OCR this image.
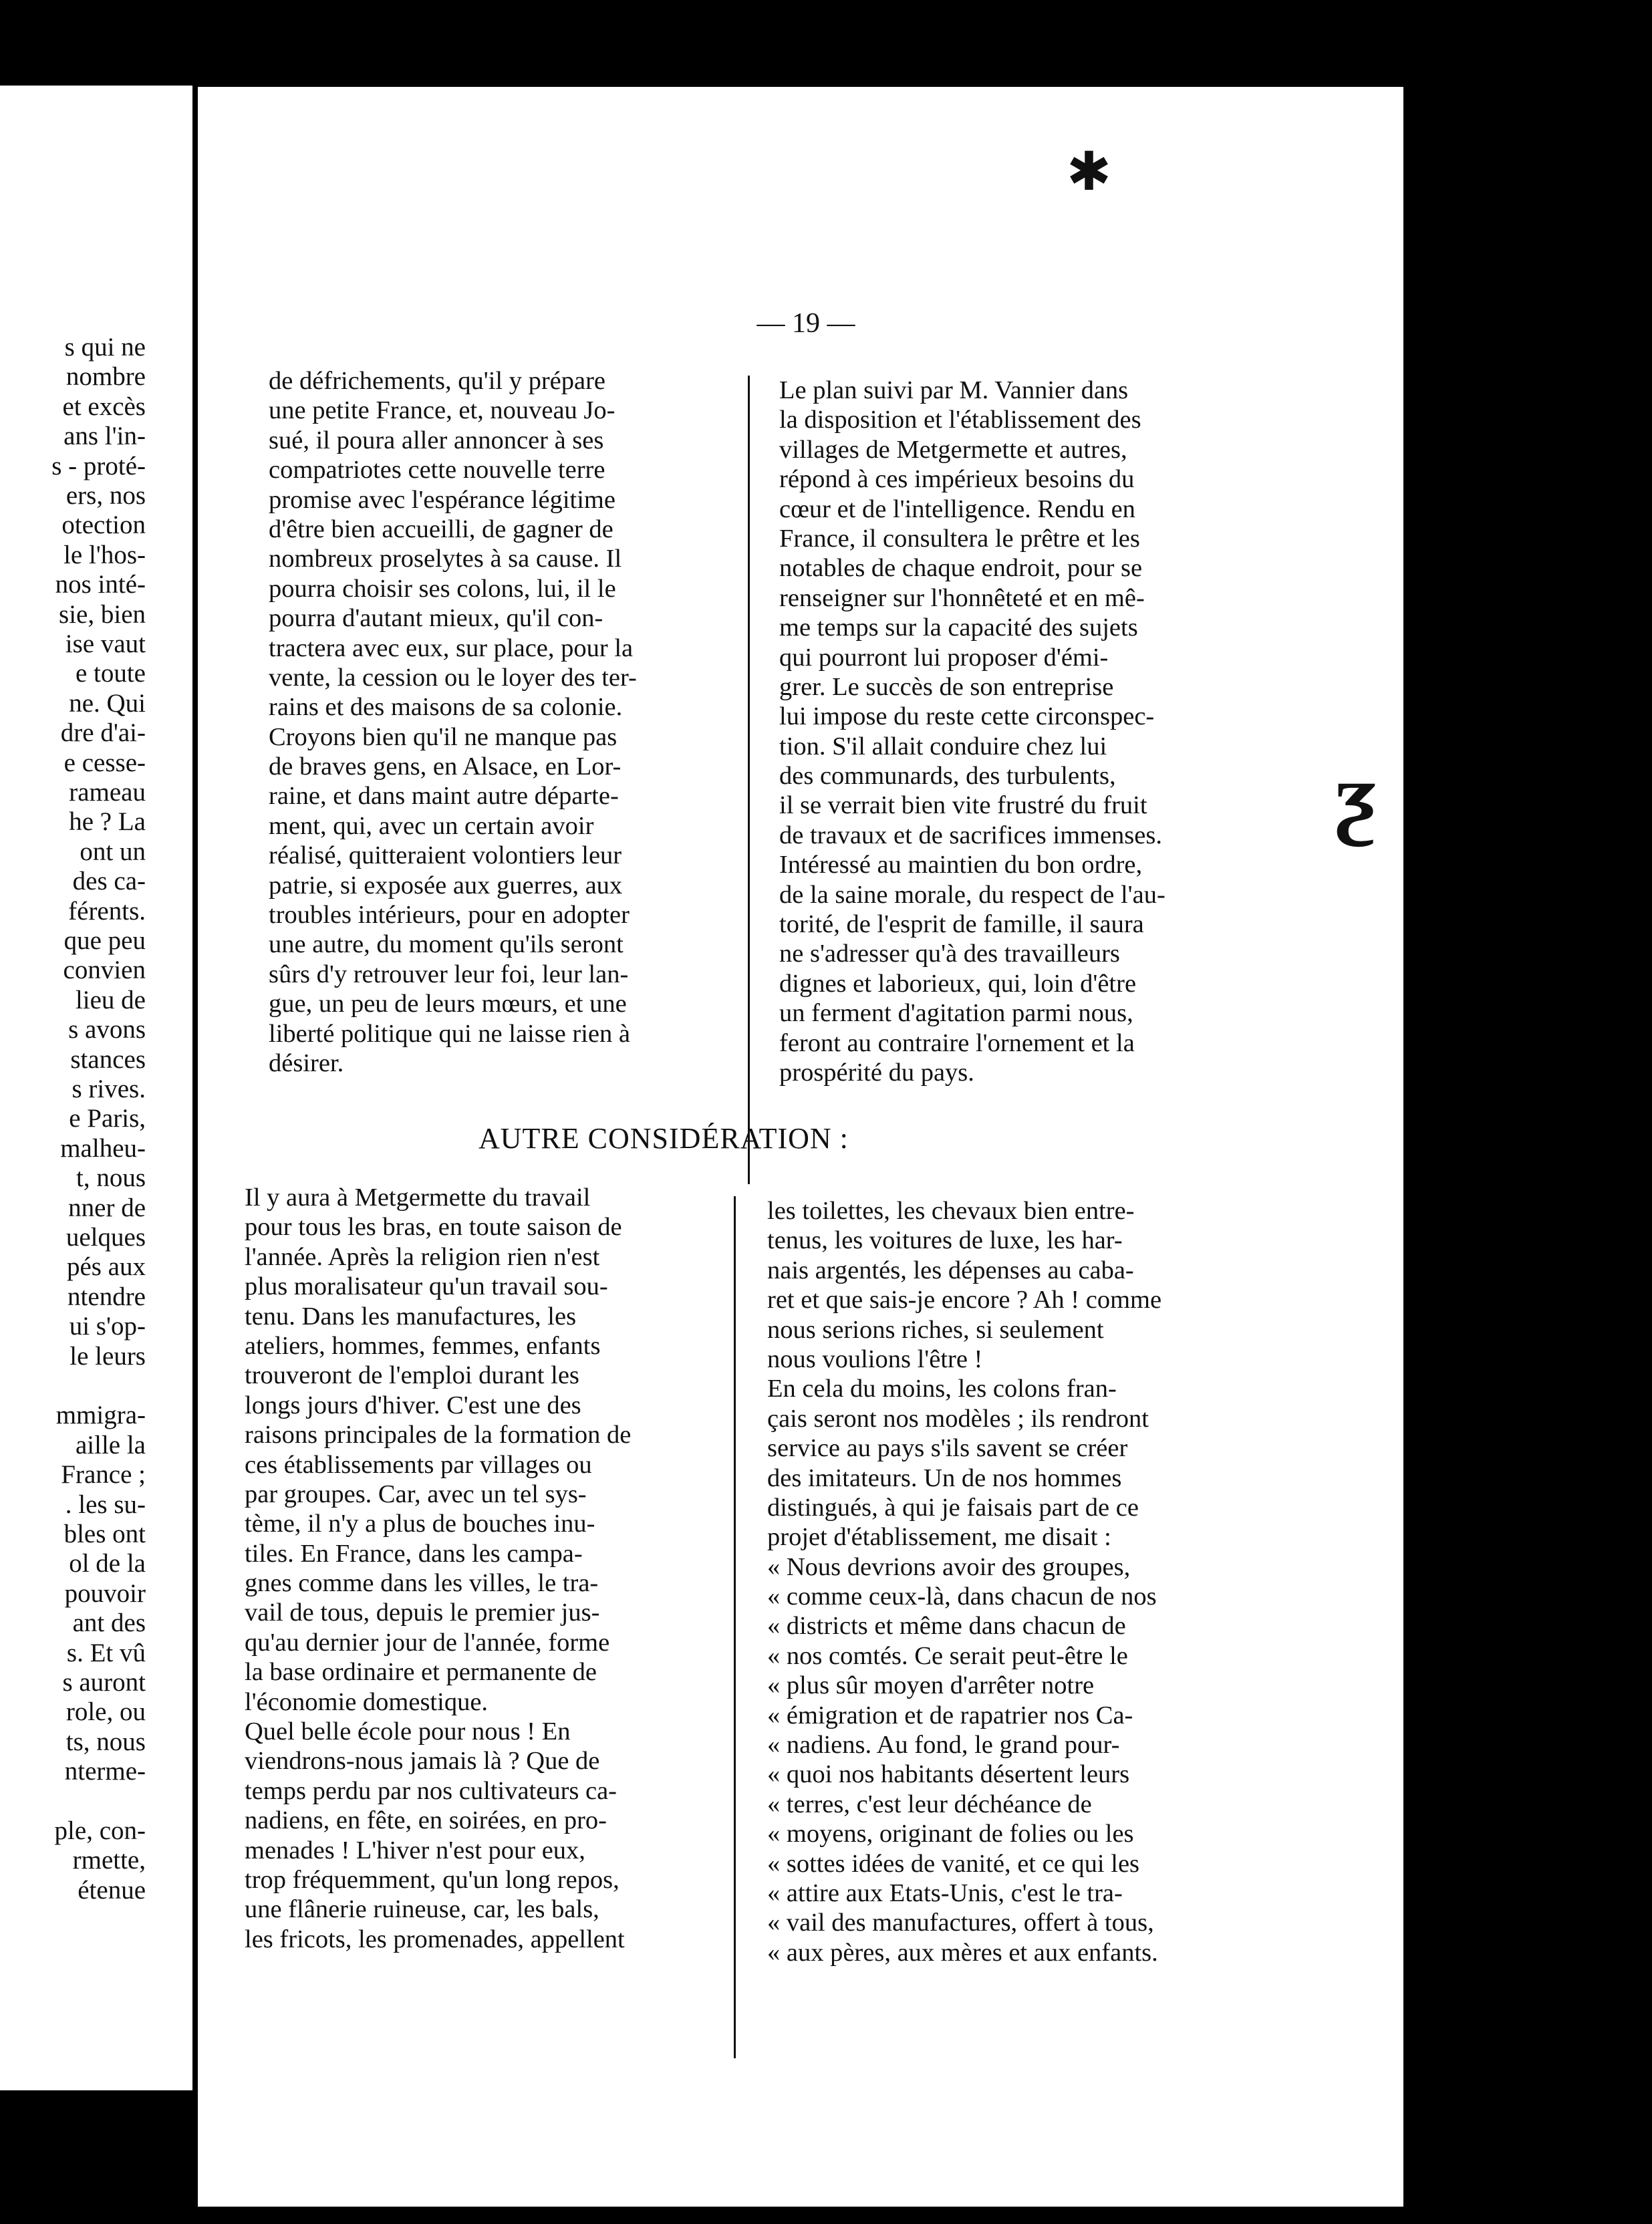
s qui ne
nombre
et excès
ans l'in-
s - proté-
ers, nos
otection
le l'hos-
nos inté-
sie, bien
ise vaut
e toute
ne. Qui
dre d'ai-
e cesse-
rameau
he ? La
ont un
des ca-
férents.
que peu
convien
lieu de
s avons
stances
s rives.
e Paris,
malheu-
t, nous
nner de
uelques
pés aux
ntendre
ui s'op-
le leurs
mmigra-
aille la
France ;
. les su-
bles ont
ol de la
pouvoir
ant des
s. Et vû
s auront
role, ou
ts, nous
nterme-
ple, con-
rmette,
étenue
— 19 —
de défrichements, qu'il y prépare
une petite France, et, nouveau Jo-
sué, il poura aller annoncer à ses
compatriotes cette nouvelle terre
promise avec l'espérance légitime
d'être bien accueilli, de gagner de
nombreux proselytes à sa cause. Il
pourra choisir ses colons, lui, il le
pourra d'autant mieux, qu'il con-
tractera avec eux, sur place, pour la
vente, la cession ou le loyer des ter-
rains et des maisons de sa colonie.
Croyons bien qu'il ne manque pas
de braves gens, en Alsace, en Lor-
raine, et dans maint autre départe-
ment, qui, avec un certain avoir
réalisé, quitteraient volontiers leur
patrie, si exposée aux guerres, aux
troubles intérieurs, pour en adopter
une autre, du moment qu'ils seront
sûrs d'y retrouver leur foi, leur lan-
gue, un peu de leurs mœurs, et une
liberté politique qui ne laisse rien à
désirer.
Le plan suivi par M. Vannier dans
la disposition et l'établissement des
villages de Metgermette et autres,
répond à ces impérieux besoins du
cœur et de l'intelligence. Rendu en
France, il consultera le prêtre et les
notables de chaque endroit, pour se
renseigner sur l'honnêteté et en mê-
me temps sur la capacité des sujets
qui pourront lui proposer d'émi-
grer. Le succès de son entreprise
lui impose du reste cette circonspec-
tion. S'il allait conduire chez lui
des communards, des turbulents,
il se verrait bien vite frustré du fruit
de travaux et de sacrifices immenses.
Intéressé au maintien du bon ordre,
de la saine morale, du respect de l'au-
torité, de l'esprit de famille, il saura
ne s'adresser qu'à des travailleurs
dignes et laborieux, qui, loin d'être
un ferment d'agitation parmi nous,
feront au contraire l'ornement et la
prospérité du pays.
AUTRE CONSIDÉRATION :
Il y aura à Metgermette du travail
pour tous les bras, en toute saison de
l'année. Après la religion rien n'est
plus moralisateur qu'un travail sou-
tenu. Dans les manufactures, les
ateliers, hommes, femmes, enfants
trouveront de l'emploi durant les
longs jours d'hiver. C'est une des
raisons principales de la formation de
ces établissements par villages ou
par groupes. Car, avec un tel sys-
tème, il n'y a plus de bouches inu-
tiles. En France, dans les campa-
gnes comme dans les villes, le tra-
vail de tous, depuis le premier jus-
qu'au dernier jour de l'année, forme
la base ordinaire et permanente de
l'économie domestique.
Quel belle école pour nous ! En
viendrons-nous jamais là ? Que de
temps perdu par nos cultivateurs ca-
nadiens, en fête, en soirées, en pro-
menades ! L'hiver n'est pour eux,
trop fréquemment, qu'un long repos,
une flânerie ruineuse, car, les bals,
les fricots, les promenades, appellent
les toilettes, les chevaux bien entre-
tenus, les voitures de luxe, les har-
nais argentés, les dépenses au caba-
ret et que sais-je encore ? Ah ! comme
nous serions riches, si seulement
nous voulions l'être !
En cela du moins, les colons fran-
çais seront nos modèles ; ils rendront
service au pays s'ils savent se créer
des imitateurs. Un de nos hommes
distingués, à qui je faisais part de ce
projet d'établissement, me disait :
« Nous devrions avoir des groupes,
« comme ceux-là, dans chacun de nos
« districts et même dans chacun de
« nos comtés. Ce serait peut-être le
« plus sûr moyen d'arrêter notre
« émigration et de rapatrier nos Ca-
« nadiens. Au fond, le grand pour-
« quoi nos habitants désertent leurs
« terres, c'est leur déchéance de
« moyens, originant de folies ou les
« sottes idées de vanité, et ce qui les
« attire aux Etats-Unis, c'est le tra-
« vail des manufactures, offert à tous,
« aux pères, aux mères et aux enfants.
✱
ƺ
